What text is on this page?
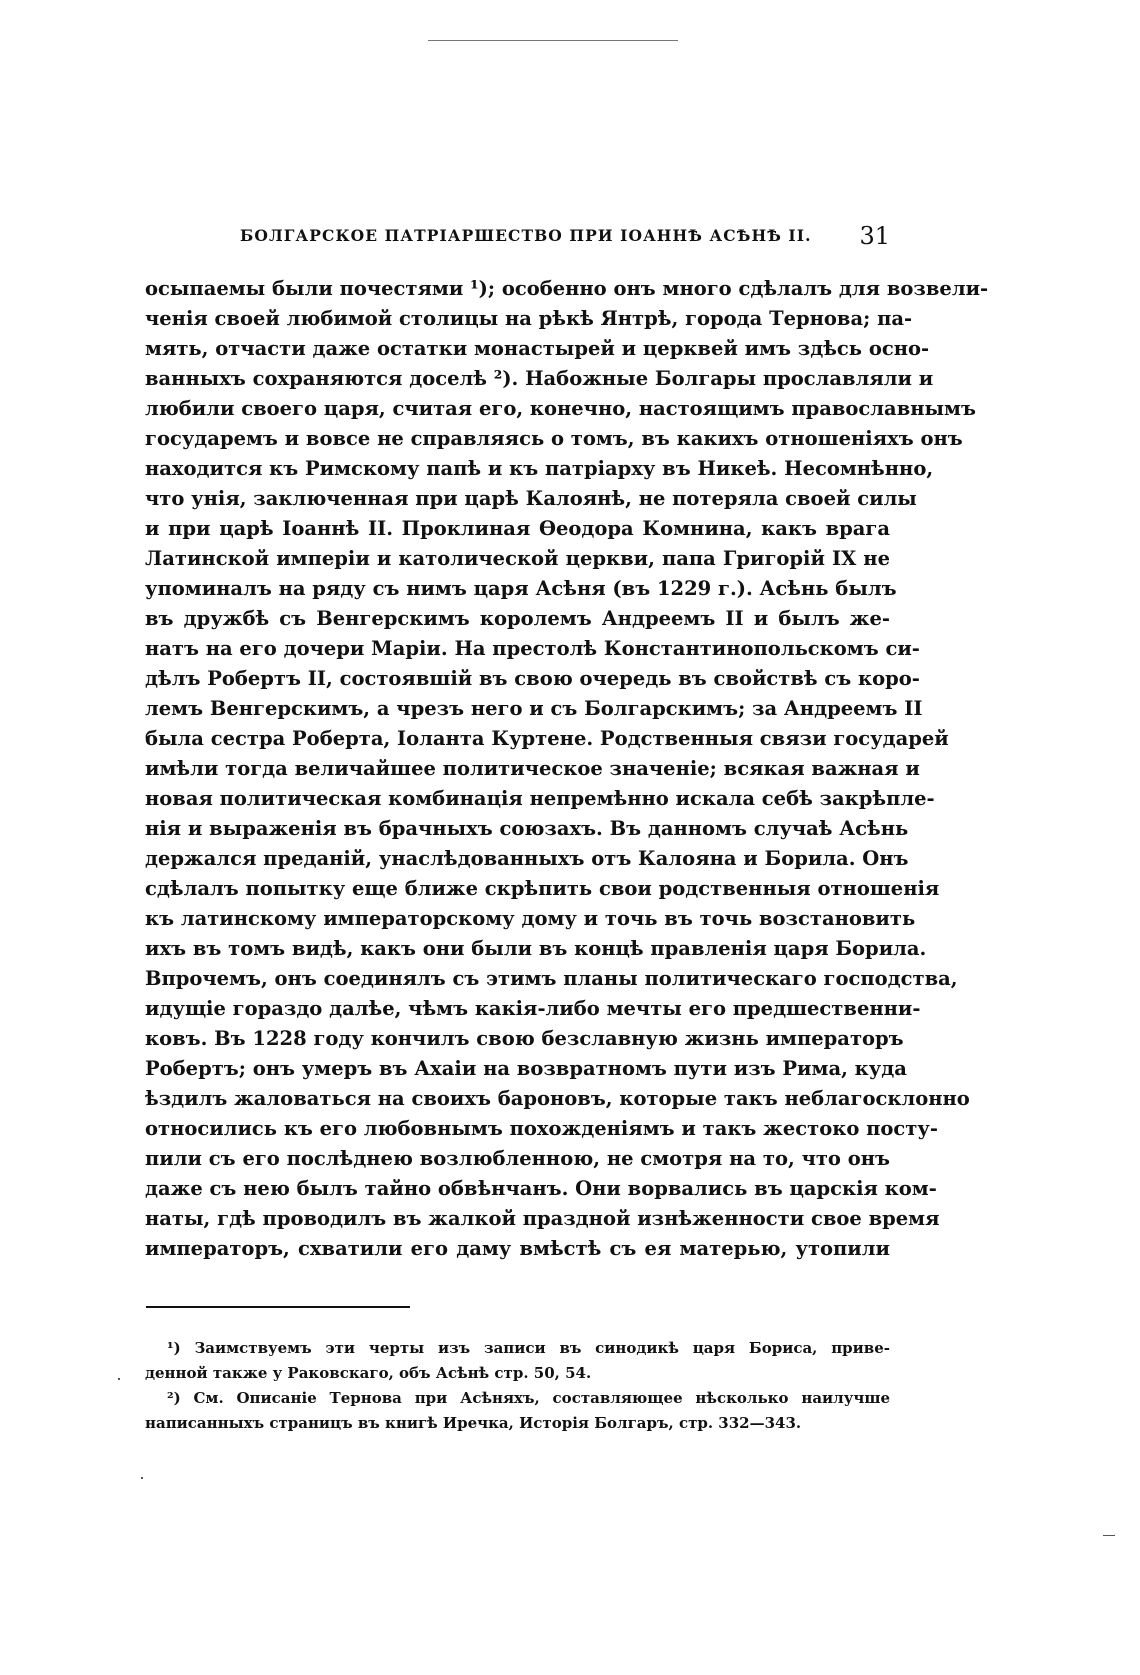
БОЛГАРСКОЕ ПАТРІАРШЕСТВО ПРИ ІОАННѢ АСѢНѢ II. 31
осыпаемы были почестями ¹); особенно онъ много сдѣлалъ для возвели-
ченія своей любимой столицы на рѣкѣ Янтрѣ, города Тернова; па-
мять, отчасти даже остатки монастырей и церквей имъ здѣсь осно-
ванныхъ сохраняются доселѣ ²). Набожные Болгары прославляли и
любили своего царя, считая его, конечно, настоящимъ православнымъ
государемъ и вовсе не справляясь о томъ, въ какихъ отношеніяхъ онъ
находится къ Римскому папѣ и къ патріарху въ Никеѣ. Несомнѣнно,
что унія, заключенная при царѣ Калоянѣ, не потеряла своей силы
и при царѣ Іоаннѣ II. Проклиная Ѳеодора Комнина, какъ врага
Латинской имперіи и католической церкви, папа Григорій IX не
упоминалъ на ряду съ нимъ царя Асѣня (въ 1229 г.). Асѣнь былъ
въ дружбѣ съ Венгерскимъ королемъ Андреемъ II и былъ же-
натъ на его дочери Маріи. На престолѣ Константинопольскомъ си-
дѣлъ Робертъ II, состоявшій въ свою очередь въ свойствѣ съ коро-
лемъ Венгерскимъ, а чрезъ него и съ Болгарскимъ; за Андреемъ II
была сестра Роберта, Іоланта Куртене. Родственныя связи государей
имѣли тогда величайшее политическое значеніе; всякая важная и
новая политическая комбинація непремѣнно искала себѣ закрѣпле-
нія и выраженія въ брачныхъ союзахъ. Въ данномъ случаѣ Асѣнь
держался преданій, унаслѣдованныхъ отъ Калояна и Борила. Онъ
сдѣлалъ попытку еще ближе скрѣпить свои родственныя отношенія
къ латинскому императорскому дому и точь въ точь возстановить
ихъ въ томъ видѣ, какъ они были въ концѣ правленія царя Борила.
Впрочемъ, онъ соединялъ съ этимъ планы политическаго господства,
идущіе гораздо далѣе, чѣмъ какія-либо мечты его предшественни-
ковъ. Въ 1228 году кончилъ свою безславную жизнь императоръ
Робертъ; онъ умеръ въ Ахаіи на возвратномъ пути изъ Рима, куда
ѣздилъ жаловаться на своихъ бароновъ, которые такъ неблагосклонно
относились къ его любовнымъ похожденіямъ и такъ жестоко посту-
пили съ его послѣднею возлюбленною, не смотря на то, что онъ
даже съ нею былъ тайно обвѣнчанъ. Они ворвались въ царскія ком-
наты, гдѣ проводилъ въ жалкой праздной изнѣженности свое время
императоръ, схватили его даму вмѣстѣ съ ея матерью, утопили
¹) Заимствуемъ эти черты изъ записи въ синодикѣ царя Бориса, приве-
денной также у Раковскаго, объ Асѣнѣ стр. 50, 54.
²) См. Описаніе Тернова при Асѣняхъ, составляющее нѣсколько наилучше
написанныхъ страницъ въ книгѣ Иречка, Исторія Болгаръ, стр. 332—343.
